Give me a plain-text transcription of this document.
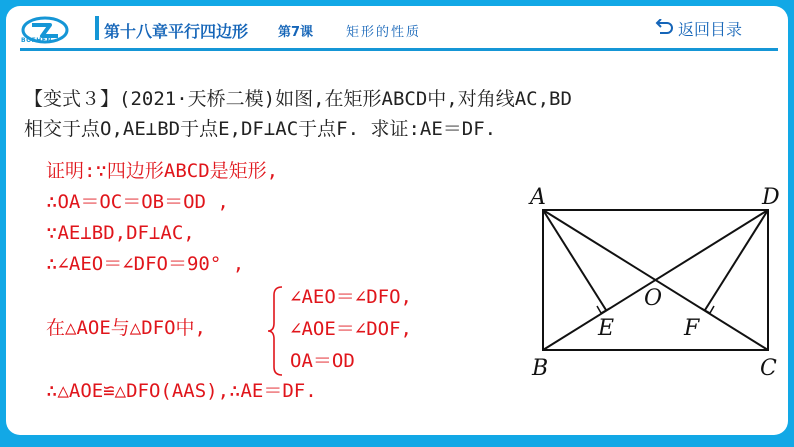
BOFHEN	第十八章平行四边形 第7课	矩形的性质	返回目录
【变式３】(2021·天桥二模)如图,在矩形ABCD中,对角线AC,BD
相交于点O,AE⊥BD于点E,DF⊥AC于点F. 求证:AE＝DF.
证明:∵四边形ABCD是矩形,
∴OA＝OC＝OB＝OD ,
∵AE⊥BD,DF⊥AC,
∴∠AEO＝∠DFO＝90° ,
在△AOE与△DFO中,
∠AEO＝∠DFO,
∠AOE＝∠DOF,
OA＝OD
∴△AOE≌△DFO(AAS),∴AE＝DF.
A	D
B	C
O
E	F
